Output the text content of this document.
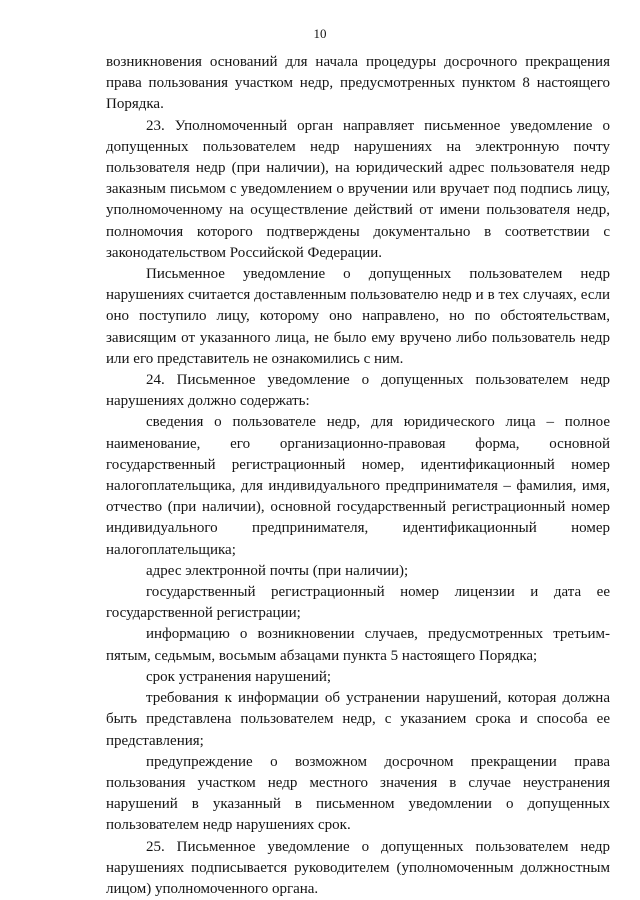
10

возникновения оснований для начала процедуры досрочного прекращения права пользования участком недр, предусмотренных пунктом 8 настоящего Порядка.

23. Уполномоченный орган направляет письменное уведомление о допущенных пользователем недр нарушениях на электронную почту пользователя недр (при наличии), на юридический адрес пользователя недр заказным письмом с уведомлением о вручении или вручает под подпись лицу, уполномоченному на осуществление действий от имени пользователя недр, полномочия которого подтверждены документально в соответствии с законодательством Российской Федерации.

Письменное уведомление о допущенных пользователем недр нарушениях считается доставленным пользователю недр и в тех случаях, если оно поступило лицу, которому оно направлено, но по обстоятельствам, зависящим от указанного лица, не было ему вручено либо пользователь недр или его представитель не ознакомились с ним.

24. Письменное уведомление о допущенных пользователем недр нарушениях должно содержать:

сведения о пользователе недр, для юридического лица – полное наименование, его организационно-правовая форма, основной государственный регистрационный номер, идентификационный номер налогоплательщика, для индивидуального предпринимателя – фамилия, имя, отчество (при наличии), основной государственный регистрационный номер индивидуального предпринимателя, идентификационный номер налогоплательщика;

адрес электронной почты (при наличии);

государственный регистрационный номер лицензии и дата ее государственной регистрации;

информацию о возникновении случаев, предусмотренных третьим-пятым, седьмым, восьмым абзацами пункта 5 настоящего Порядка;

срок устранения нарушений;

требования к информации об устранении нарушений, которая должна быть представлена пользователем недр, с указанием срока и способа ее представления;

предупреждение о возможном досрочном прекращении права пользования участком недр местного значения в случае неустранения нарушений в указанный в письменном уведомлении о допущенных пользователем недр нарушениях срок.

25. Письменное уведомление о допущенных пользователем недр нарушениях подписывается руководителем (уполномоченным должностным лицом) уполномоченного органа.
